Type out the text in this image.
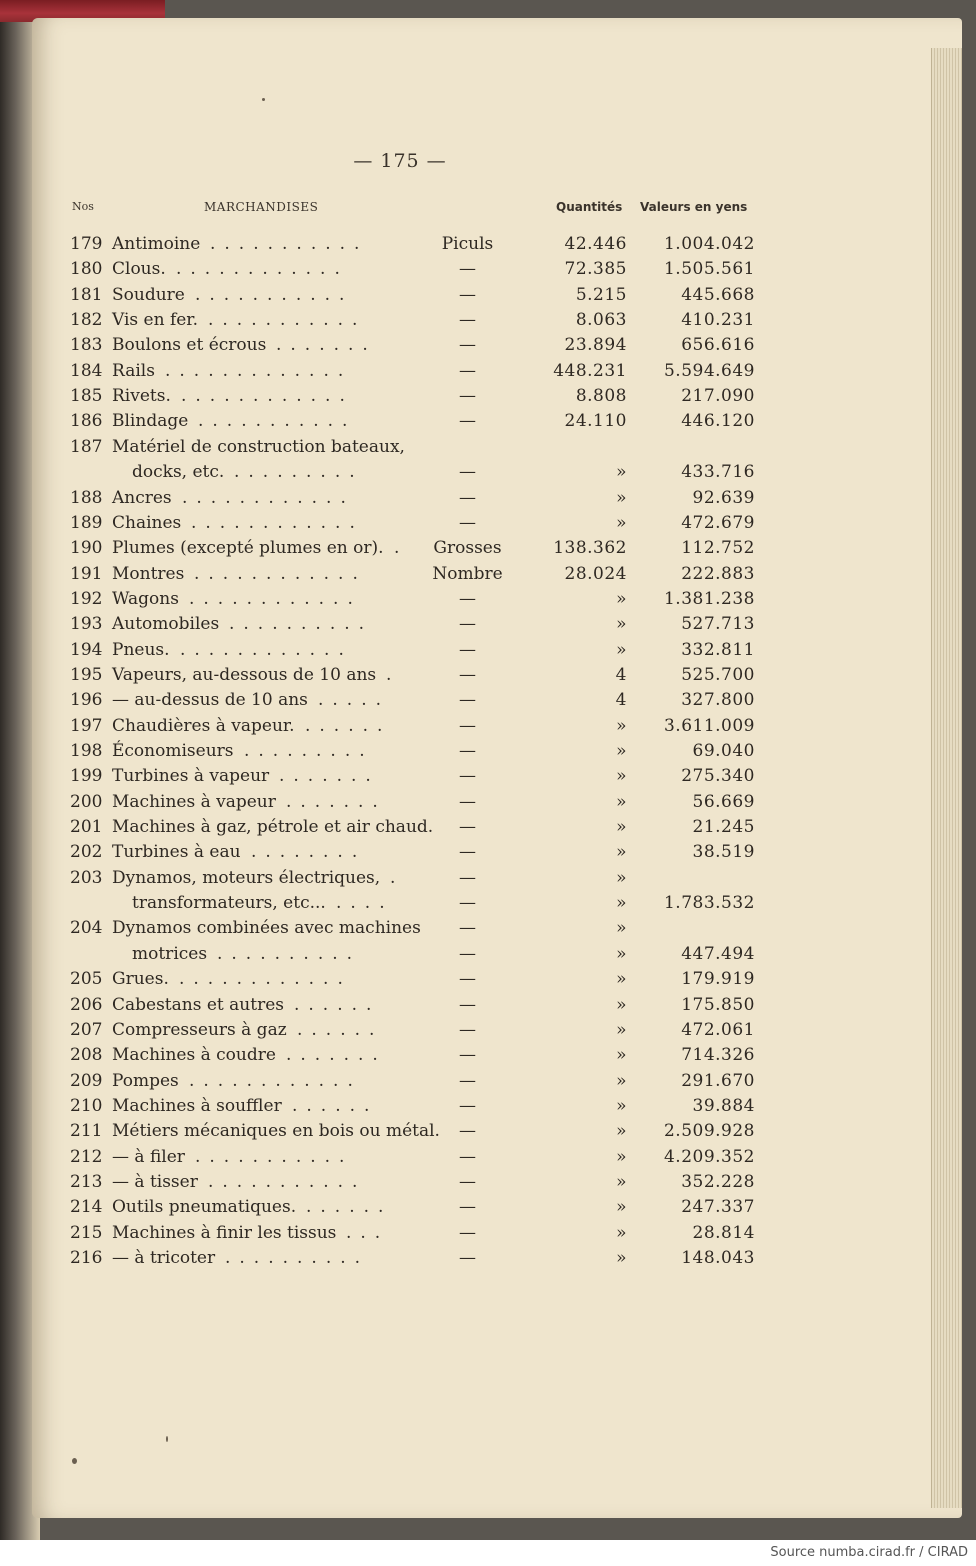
— 175 —
Nos	MARCHANDISES	Quantités Valeurs en yens
179 Antimoine	Piculs	42.446	1.004.042
...........
180 Clous.	—	72.385	1.505.561
............
181 Soudure	—	5.215	445.668
...........
182 Vis en fer.	—	8.063	410.231
...........
183 Boulons et écrous	—	23.894	656.616
.......
184 Rails	—	448.231	5.594.649
.............
185 Rivets.	—	8.808	217.090
............
186 Blindage	—	24.110	446.120
...........
187 Matériel de construction bateaux,
docks, etc.	—	»	433.716
.........
188 Ancres	—	»	92.639
............
189 Chaines	—	»	472.679
............
190 Plumes (excepté plumes en or).	Grosses	138.362	112.752
.
191 Montres	Nombre	28.024	222.883
............
192 Wagons	—	»	1.381.238
............
193 Automobiles	—	»	527.713
..........
194 Pneus.	—	»	332.811
............
195 Vapeurs, au-dessous de 10 ans	—	4	525.700
.
196 — au-dessus de 10 ans	—	4	327.800
.....
197 Chaudières à vapeur.	—	»	3.611.009
......
198 Économiseurs	—	»	69.040
.........
199 Turbines à vapeur	—	»	275.340
.......
200 Machines à vapeur	—	»	56.669
.......
201 Machines à gaz, pétrole et air chaud.	—	»	21.245
202 Turbines à eau	—	»	38.519
........
203 Dynamos, moteurs électriques,	—	»
.
transformateurs, etc...	—	»	1.783.532
....
204 Dynamos combinées avec machines	—	»
motrices	—	»	447.494
..........
205 Grues.	—	»	179.919
............
206 Cabestans et autres	—	»	175.850
......
207 Compresseurs à gaz	—	»	472.061
......
208 Machines à coudre	—	»	714.326
.......
209 Pompes	—	»	291.670
............
210 Machines à souffler	—	»	39.884
......
211 Métiers mécaniques en bois ou métal.	—	»	2.509.928
212 — à filer	—	»	4.209.352
...........
213 — à tisser	—	»	352.228
...........
214 Outils pneumatiques.	—	»	247.337
......
215 Machines à finir les tissus	—	»	28.814
...
216 — à tricoter	—	»	148.043
..........
Source numba.cirad.fr / CIRAD
